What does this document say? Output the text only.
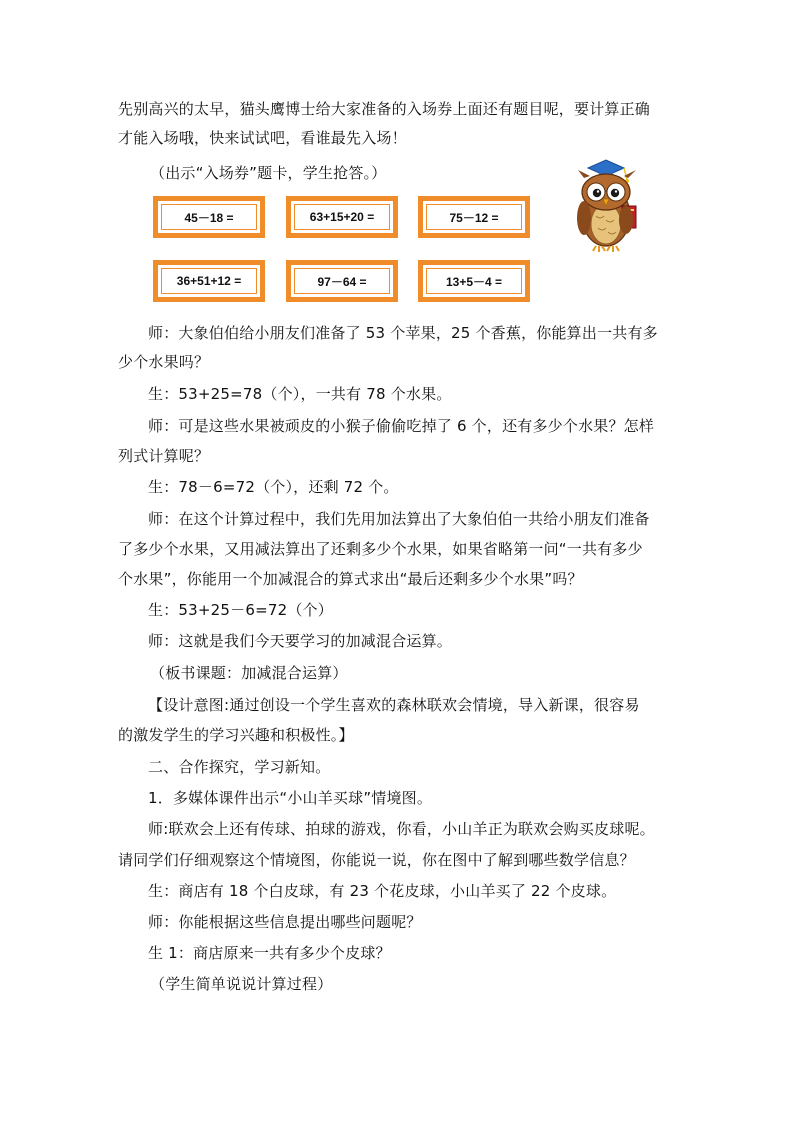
先别高兴的太早，猫头鹰博士给大家准备的入场券上面还有题目呢，要计算正确
才能入场哦，快来试试吧，看谁最先入场！
（出示“入场券”题卡，学生抢答。）
45－18 =	63+15+20 =	75－12 =
36+51+12 =	97－64 =	13+5－4 =
师：大象伯伯给小朋友们准备了 53 个苹果，25 个香蕉，你能算出一共有多
少个水果吗？
生：53+25=78（个），一共有 78 个水果。
师：可是这些水果被顽皮的小猴子偷偷吃掉了 6 个，还有多少个水果？怎样
列式计算呢？
生：78－6=72（个），还剩 72 个。
师：在这个计算过程中，我们先用加法算出了大象伯伯一共给小朋友们准备
了多少个水果，又用减法算出了还剩多少个水果，如果省略第一问“一共有多少
个水果”，你能用一个加减混合的算式求出“最后还剩多少个水果”吗？
生：53+25－6=72（个）
师：这就是我们今天要学习的加减混合运算。
（板书课题：加减混合运算）
【设计意图:通过创设一个学生喜欢的森林联欢会情境，导入新课，很容易
的激发学生的学习兴趣和积极性。】
二、合作探究，学习新知。
1．多媒体课件出示“小山羊买球”情境图。
师:联欢会上还有传球、拍球的游戏，你看，小山羊正为联欢会购买皮球呢。
请同学们仔细观察这个情境图，你能说一说，你在图中了解到哪些数学信息？
生：商店有 18 个白皮球，有 23 个花皮球，小山羊买了 22 个皮球。
师：你能根据这些信息提出哪些问题呢？
生 1：商店原来一共有多少个皮球？
（学生简单说说计算过程）
